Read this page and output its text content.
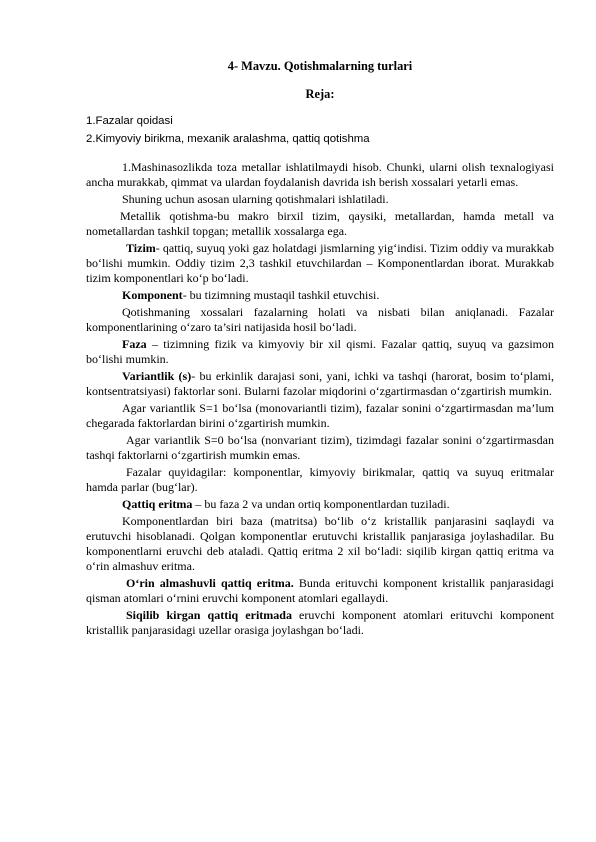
4- Mavzu. Qotishmalarning turlari
Reja:
1.Fazalar qoidasi
2.Kimyoviy birikma, mexanik aralashma, qattiq qotishma

1.Mashinasozlikda toza metallar ishlatilmaydi hisob. Chunki, ularni olish texnalogiyasi ancha murakkab, qimmat va ulardan foydalanish davrida ish berish xossalari yetarli emas.

Shuning uchun asosan ularning qotishmalari ishlatiladi.

Metallik qotishma-bu makro birxil tizim, qaysiki, metallardan, hamda metall va nometallardan tashkil topgan; metallik xossalarga ega.

Tizim- qattiq, suyuq yoki gaz holatdagi jismlarning yig‘indisi. Tizim oddiy va murakkab bo‘lishi mumkin. Oddiy tizim 2,3 tashkil etuvchilardan – Komponentlardan iborat. Murakkab tizim komponentlari ko‘p bo‘ladi.

Komponent- bu tizimning mustaqil tashkil etuvchisi.

Qotishmaning xossalari fazalarning holati va nisbati bilan aniqlanadi. Fazalar komponentlarining o‘zaro ta’siri natijasida hosil bo‘ladi.

Faza – tizimning fizik va kimyoviy bir xil qismi. Fazalar qattiq, suyuq va gazsimon bo‘lishi mumkin.

Variantlik (s)- bu erkinlik darajasi soni, yani, ichki va tashqi (harorat, bosim to‘plami, kontsentratsiyasi) faktorlar soni. Bularni fazolar miqdorini o‘zgartirmasdan o‘zgartirish mumkin.

Agar variantlik S=1 bo‘lsa (monovariantli tizim), fazalar sonini o‘zgartirmasdan ma’lum chegarada faktorlardan birini o‘zgartirish mumkin.

Agar variantlik S=0 bo‘lsa (nonvariant tizim), tizimdagi fazalar sonini o‘zgartirmasdan tashqi faktorlarni o‘zgartirish mumkin emas.

Fazalar quyidagilar: komponentlar, kimyoviy birikmalar, qattiq va suyuq eritmalar hamda parlar (bug‘lar).

Qattiq eritma – bu faza 2 va undan ortiq komponentlardan tuziladi.

Komponentlardan biri baza (matritsa) bo‘lib o‘z kristallik panjarasini saqlaydi va erutuvchi hisoblanadi. Qolgan komponentlar erutuvchi kristallik panjarasiga joylashadilar. Bu komponentlarni eruvchi deb ataladi. Qattiq eritma 2 xil bo‘ladi: siqilib kirgan qattiq eritma va o‘rin almashuv eritma.

O‘rin almashuvli qattiq eritma. Bunda erituvchi komponent kristallik panjarasidagi qisman atomlari o‘rnini eruvchi komponent atomlari egallaydi.

Siqilib kirgan qattiq eritmada eruvchi komponent atomlari erituvchi komponent kristallik panjarasidagi uzellar orasiga joylashgan bo‘ladi.
